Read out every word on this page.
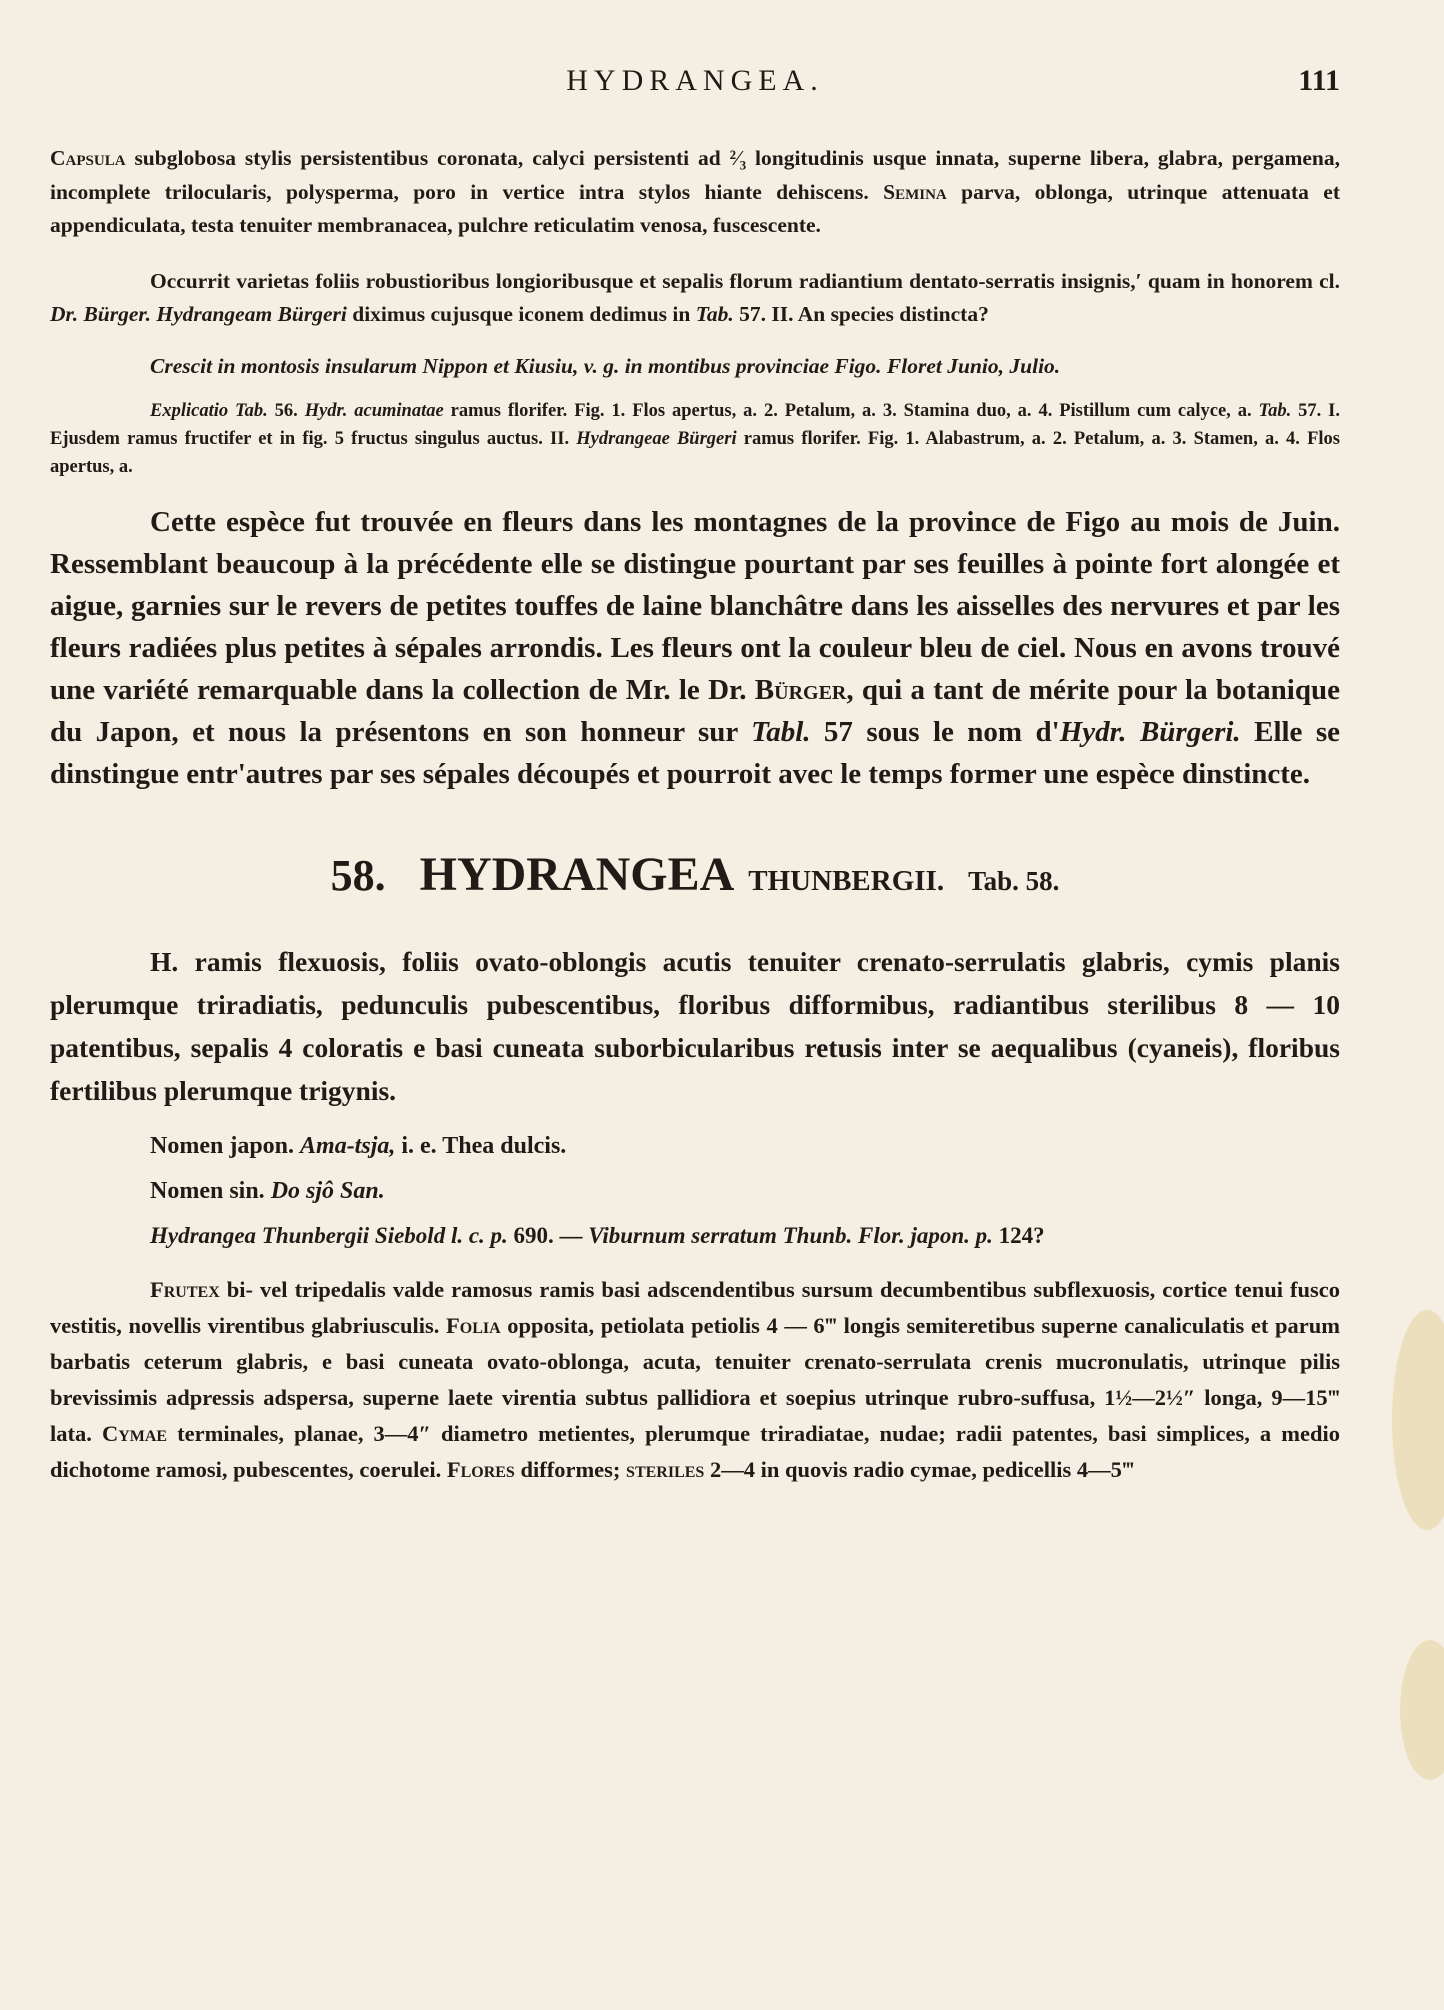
HYDRANGEA.	111

Capsula subglobosa stylis persistentibus coronata, calyci persistenti ad ²⁄₃ longitudinis usque innata, superne libera, glabra, pergamena, incomplete trilocularis, polysperma, poro in vertice intra stylos hiante dehiscens. Semina parva, oblonga, utrinque attenuata et appendiculata, testa tenuiter membranacea, pulchre reticulatim venosa, fuscescente.

Occurrit varietas foliis robustioribus longioribusque et sepalis florum radiantium dentato-serratis insignis,ʹ quam in honorem cl. Dr. Bürger. Hydrangeam Bürgeri diximus cujusque iconem dedimus in Tab. 57. II. An species distincta?

Crescit in montosis insularum Nippon et Kiusiu, v. g. in montibus provinciae Figo. Floret Junio, Julio.

Explicatio Tab. 56. Hydr. acuminatae ramus florifer. Fig. 1. Flos apertus, a. 2. Petalum, a. 3. Stamina duo, a. 4. Pistillum cum calyce, a. Tab. 57. I. Ejusdem ramus fructifer et in fig. 5 fructus singulus auctus. II. Hydrangeae Bürgeri ramus florifer. Fig. 1. Alabastrum, a. 2. Petalum, a. 3. Stamen, a. 4. Flos apertus, a.

Cette espèce fut trouvée en fleurs dans les montagnes de la province de Figo au mois de Juin. Ressemblant beaucoup à la précédente elle se distingue pourtant par ses feuilles à pointe fort alongée et aigue, garnies sur le revers de petites touffes de laine blanchâtre dans les aisselles des nervures et par les fleurs radiées plus petites à sépales arrondis. Les fleurs ont la couleur bleu de ciel. Nous en avons trouvé une variété remarquable dans la collection de Mr. le Dr. Bürger, qui a tant de mérite pour la botanique du Japon, et nous la présentons en son honneur sur Tabl. 57 sous le nom d'Hydr. Bürgeri. Elle se dinstingue entr'autres par ses sépales découpés et pourroit avec le temps former une espèce dinstincte.

58. HYDRANGEA THUNBERGII. Tab. 58.

H. ramis flexuosis, foliis ovato-oblongis acutis tenuiter crenato-serrulatis glabris, cymis planis plerumque triradiatis, pedunculis pubescentibus, floribus difformibus, radiantibus sterilibus 8 — 10 patentibus, sepalis 4 coloratis e basi cuneata suborbicularibus retusis inter se aequalibus (cyaneis), floribus fertilibus plerumque trigynis.

Nomen japon. Ama-tsja, i. e. Thea dulcis.
Nomen sin. Do sjô San.

Hydrangea Thunbergii Siebold l. c. p. 690. — Viburnum serratum Thunb. Flor. japon. p. 124?

Frutex bi- vel tripedalis valde ramosus ramis basi adscendentibus sursum decumbentibus subflexuosis, cortice tenui fusco vestitis, novellis virentibus glabriusculis. Folia opposita, petiolata petiolis 4 — 6‴ longis semiteretibus superne canaliculatis et parum barbatis ceterum glabris, e basi cuneata ovato-oblonga, acuta, tenuiter crenato-serrulata crenis mucronulatis, utrinque pilis brevissimis adpressis adspersa, superne laete virentia subtus pallidiora et soepius utrinque rubro-suffusa, 1½—2½″ longa, 9—15‴ lata. Cymae terminales, planae, 3—4″ diametro metientes, plerumque triradiatae, nudae; radii patentes, basi simplices, a medio dichotome ramosi, pubescentes, coerulei. Flores difformes; steriles 2—4 in quovis radio cymae, pedicellis 4—5‴
